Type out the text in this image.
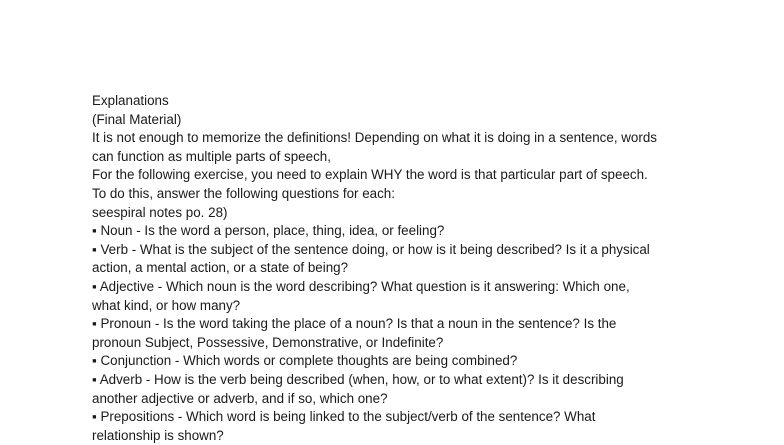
Explanations
(Final Material)
It is not enough to memorize the definitions! Depending on what it is doing in a sentence, words
can function as multiple parts of speech,
For the following exercise, you need to explain WHY the word is that particular part of speech.
To do this, answer the following questions for each:
seespiral notes po. 28)
▪ Noun - Is the word a person, place, thing, idea, or feeling?
▪ Verb - What is the subject of the sentence doing, or how is it being described? Is it a physical
action, a mental action, or a state of being?
▪ Adjective - Which noun is the word describing? What question is it answering: Which one,
what kind, or how many?
▪ Pronoun - Is the word taking the place of a noun? Is that a noun in the sentence? Is the
pronoun Subject, Possessive, Demonstrative, or Indefinite?
▪ Conjunction - Which words or complete thoughts are being combined?
▪ Adverb - How is the verb being described (when, how, or to what extent)? Is it describing
another adjective or adverb, and if so, which one?
▪ Prepositions - Which word is being linked to the subject/verb of the sentence? What
relationship is shown?
